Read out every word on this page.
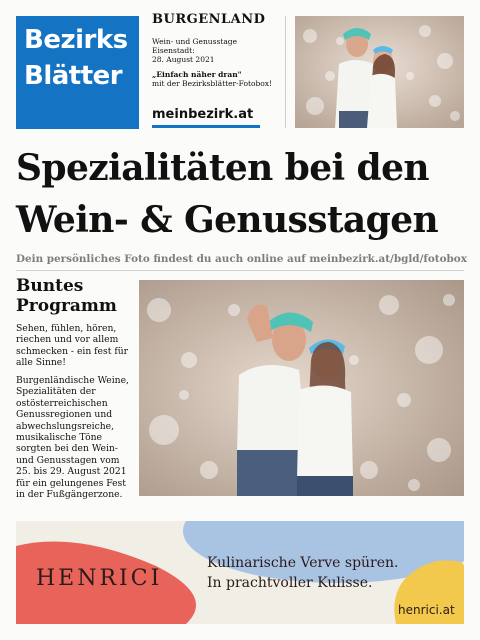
Bezirks
Blätter
BURGENLAND
Wein- und Genusstage
Eisenstadt:
28. August 2021
„Einfach näher dran"
mit der Bezirksblätter-Fotobox!
meinbezirk.at
Spezialitäten bei den
Wein- & Genusstagen
Dein persönliches Foto findest du auch online auf meinbezirk.at/bgld/fotobox
Buntes Programm
Sehen, fühlen, hören, riechen und vor allem schmecken - ein fest für alle Sinne!
Burgenländische Weine, Spezialitäten der ostösterreichischen Genussregionen und abwechslungsreiche, musikalische Töne sorgten bei den Wein- und Genusstagen vom 25. bis 29. August 2021 für ein gelungenes Fest in der Fußgängerzone.
HENRICI
Kulinarische Verve spüren.
In prachtvoller Kulisse.
henrici.at
